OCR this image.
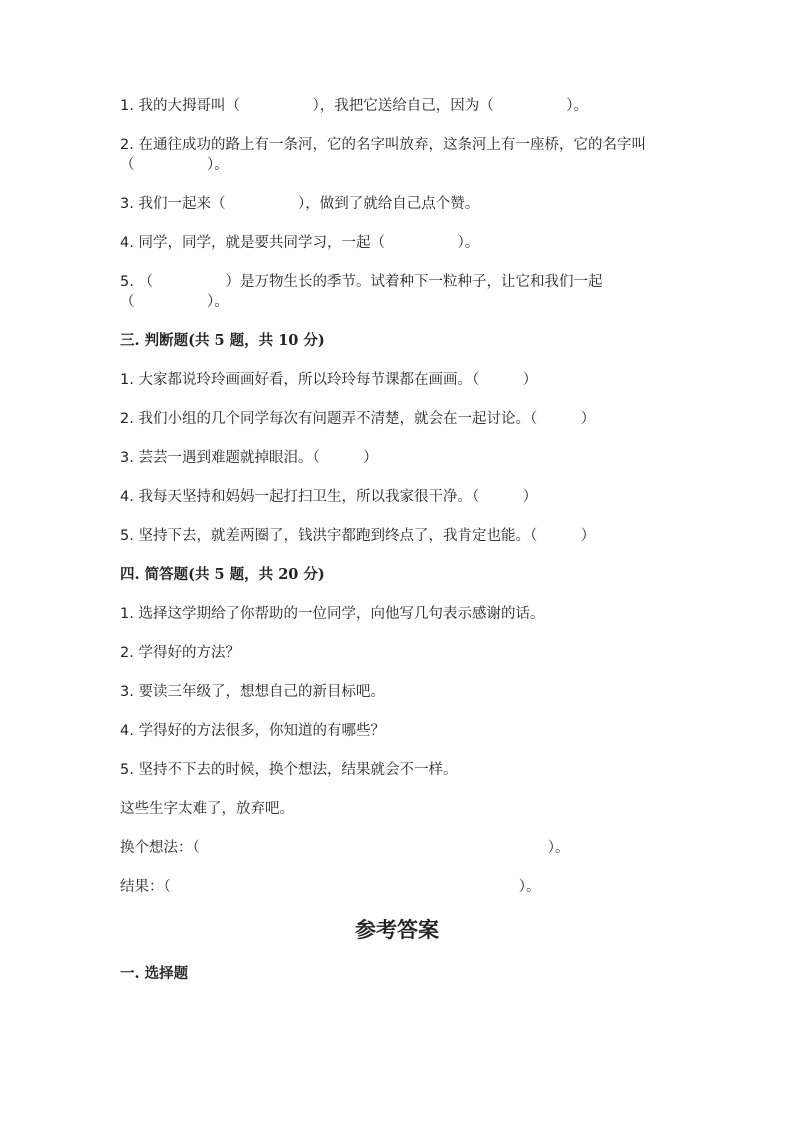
1. 我的大拇哥叫（　　　　　），我把它送给自己，因为（　　　　　）。
2. 在通往成功的路上有一条河，它的名字叫放弃，这条河上有一座桥，它的名字叫（　　　　　）。
3. 我们一起来（　　　　　），做到了就给自己点个赞。
4. 同学，同学，就是要共同学习，一起（　　　　　）。
5. （　　　　　）是万物生长的季节。试着种下一粒种子，让它和我们一起（　　　　　）。
三. 判断题(共 5 题，共 10 分)
1. 大家都说玲玲画画好看，所以玲玲每节课都在画画。（　　　）
2. 我们小组的几个同学每次有问题弄不清楚，就会在一起讨论。（　　　）
3. 芸芸一遇到难题就掉眼泪。（　　　）
4. 我每天坚持和妈妈一起打扫卫生，所以我家很干净。（　　　）
5. 坚持下去，就差两圈了，钱洪宇都跑到终点了，我肯定也能。（　　　）
四. 简答题(共 5 题，共 20 分)
1. 选择这学期给了你帮助的一位同学，向他写几句表示感谢的话。
2. 学得好的方法？
3. 要读三年级了，想想自己的新目标吧。
4. 学得好的方法很多，你知道的有哪些？
5. 坚持不下去的时候，换个想法，结果就会不一样。
这些生字太难了，放弃吧。
换个想法：（　　　　　　　　　　　　　　　　　　　　　　　　）。
结果：（　　　　　　　　　　　　　　　　　　　　　　　　）。
参考答案
一. 选择题
